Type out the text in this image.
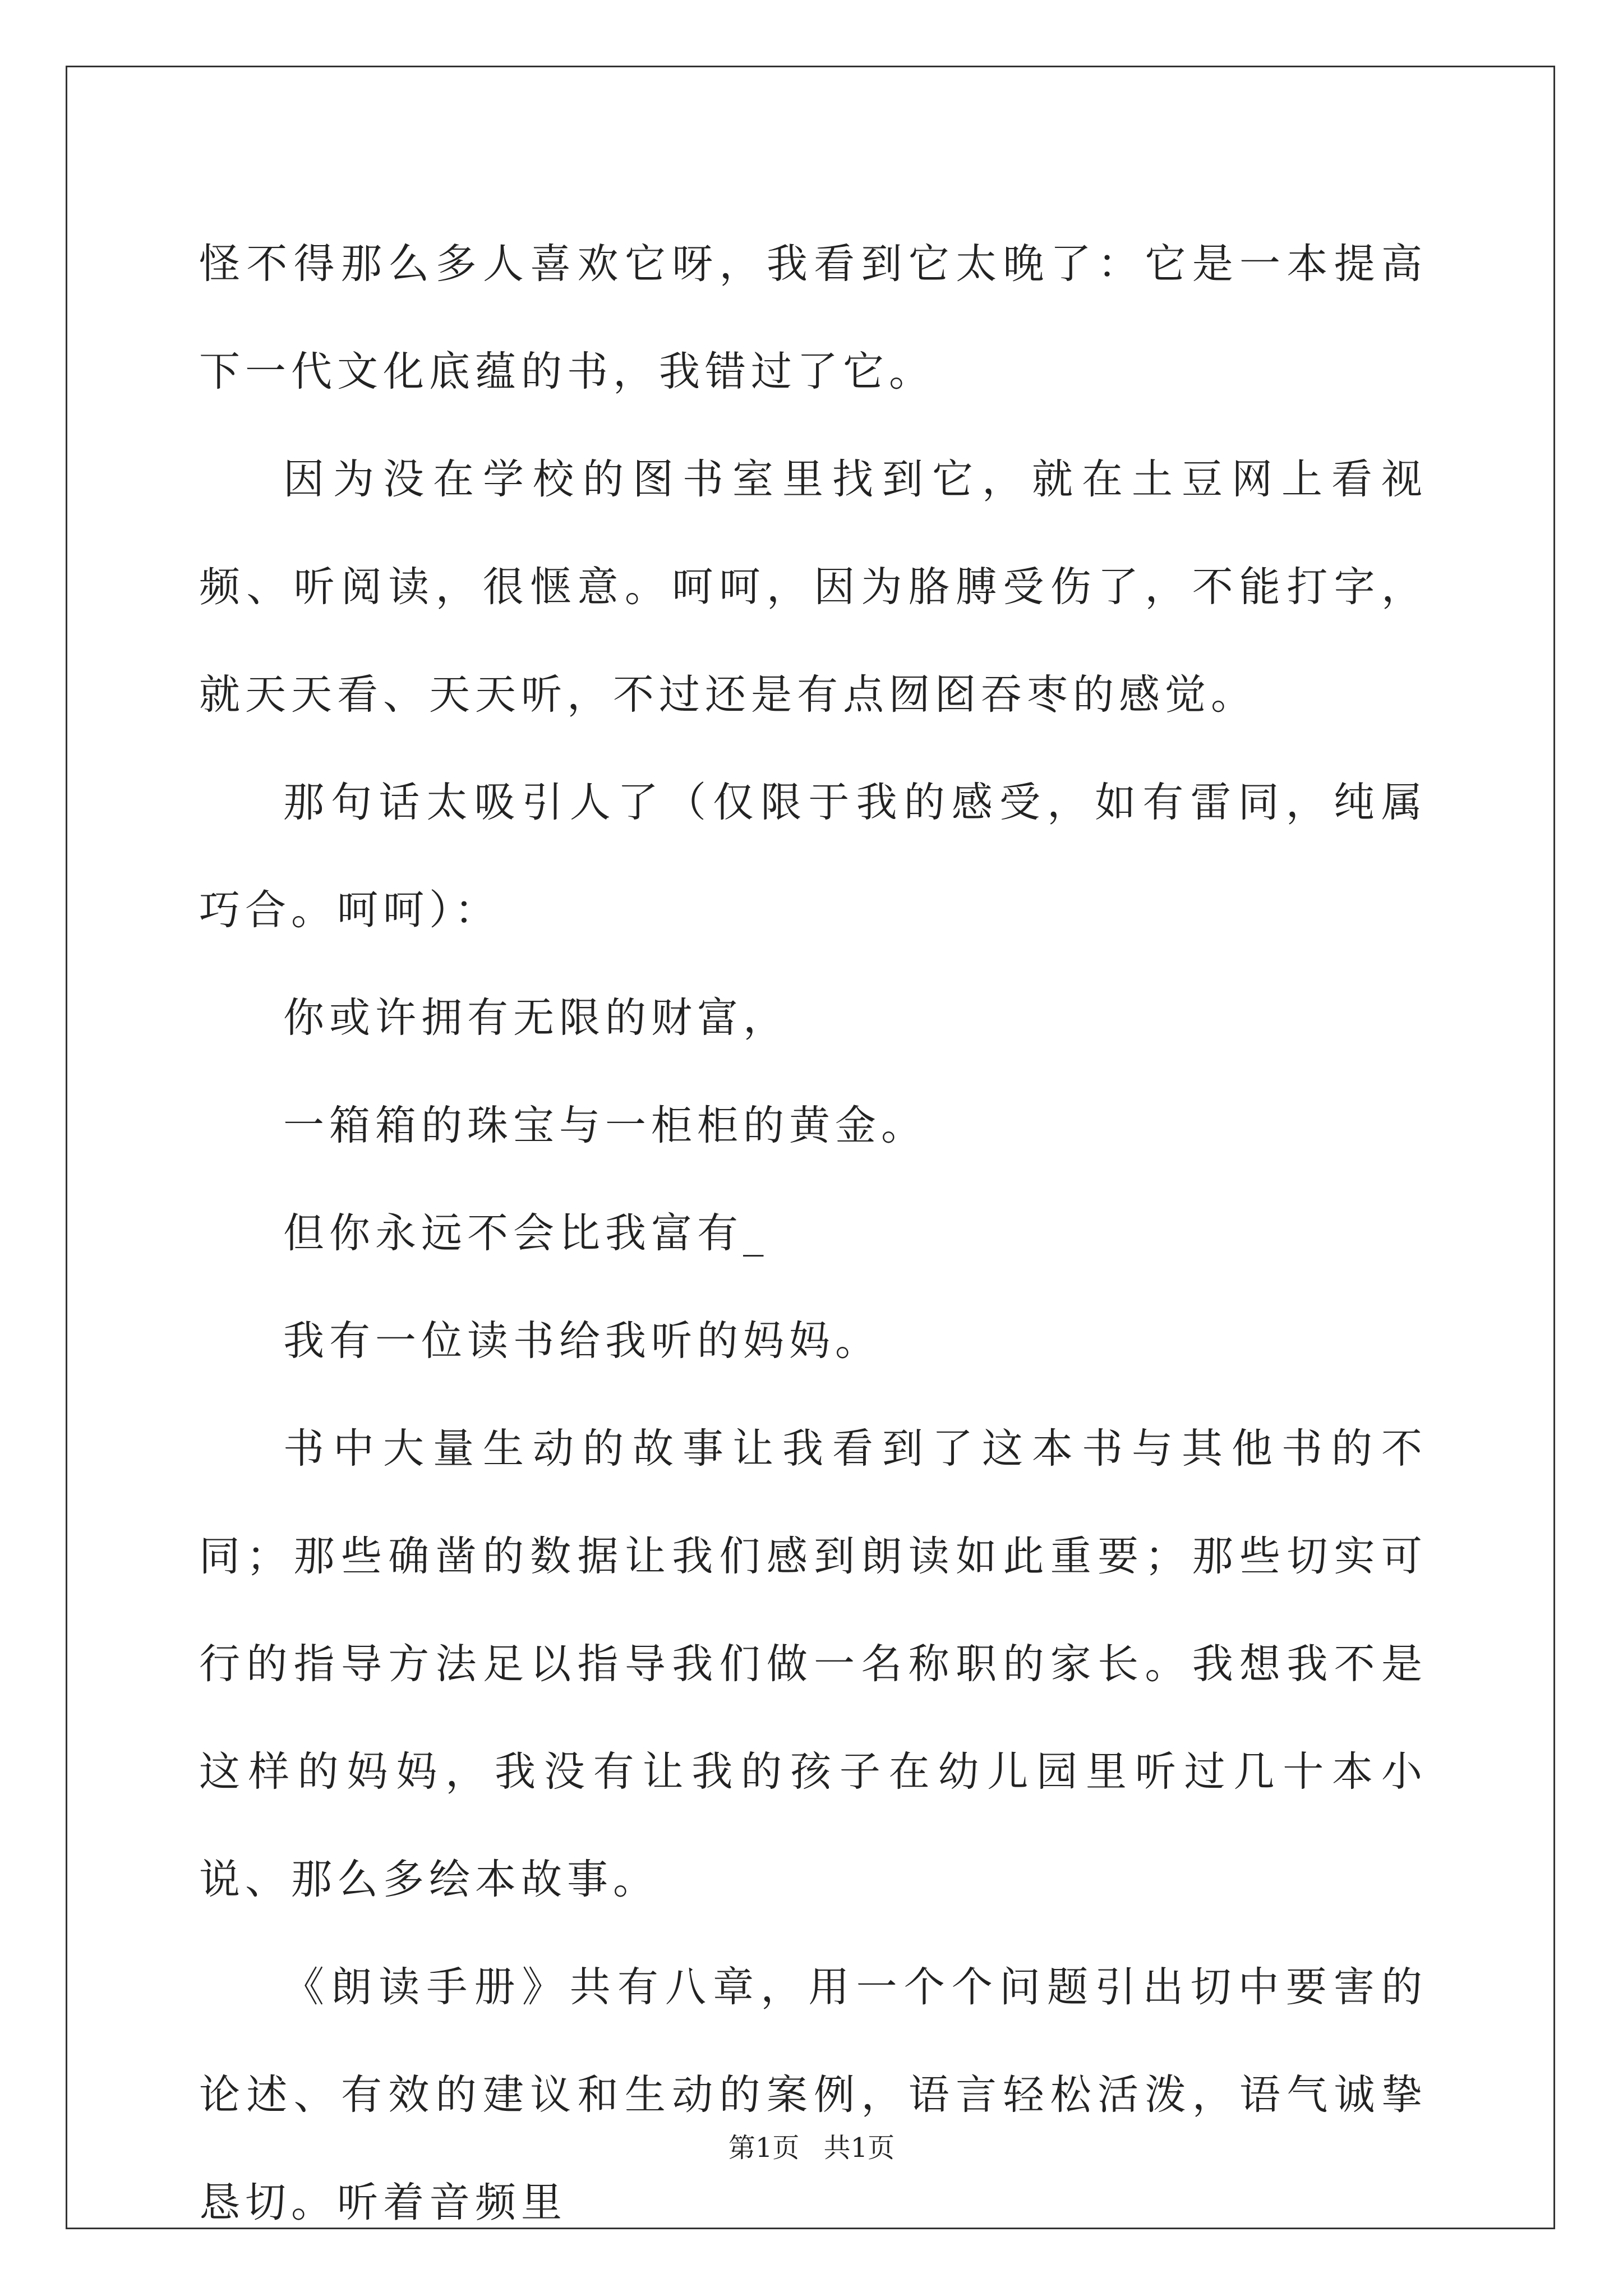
怪不得那么多人喜欢它呀，我看到它太晚了：它是一本提高下一代文化底蕴的书，我错过了它。

因为没在学校的图书室里找到它，就在土豆网上看视频、听阅读，很惬意。呵呵，因为胳膊受伤了，不能打字，就天天看、天天听，不过还是有点囫囵吞枣的感觉。

那句话太吸引人了（仅限于我的感受，如有雷同，纯属巧合。呵呵）：

你或许拥有无限的财富，

一箱箱的珠宝与一柜柜的黄金。

但你永远不会比我富有_

我有一位读书给我听的妈妈。

书中大量生动的故事让我看到了这本书与其他书的不同；那些确凿的数据让我们感到朗读如此重要；那些切实可行的指导方法足以指导我们做一名称职的家长。我想我不是这样的妈妈，我没有让我的孩子在幼儿园里听过几十本小说、那么多绘本故事。

《朗读手册》共有八章，用一个个问题引出切中要害的论述、有效的建议和生动的案例，语言轻松活泼，语气诚挚恳切。听着音频里

第1页 共1页
